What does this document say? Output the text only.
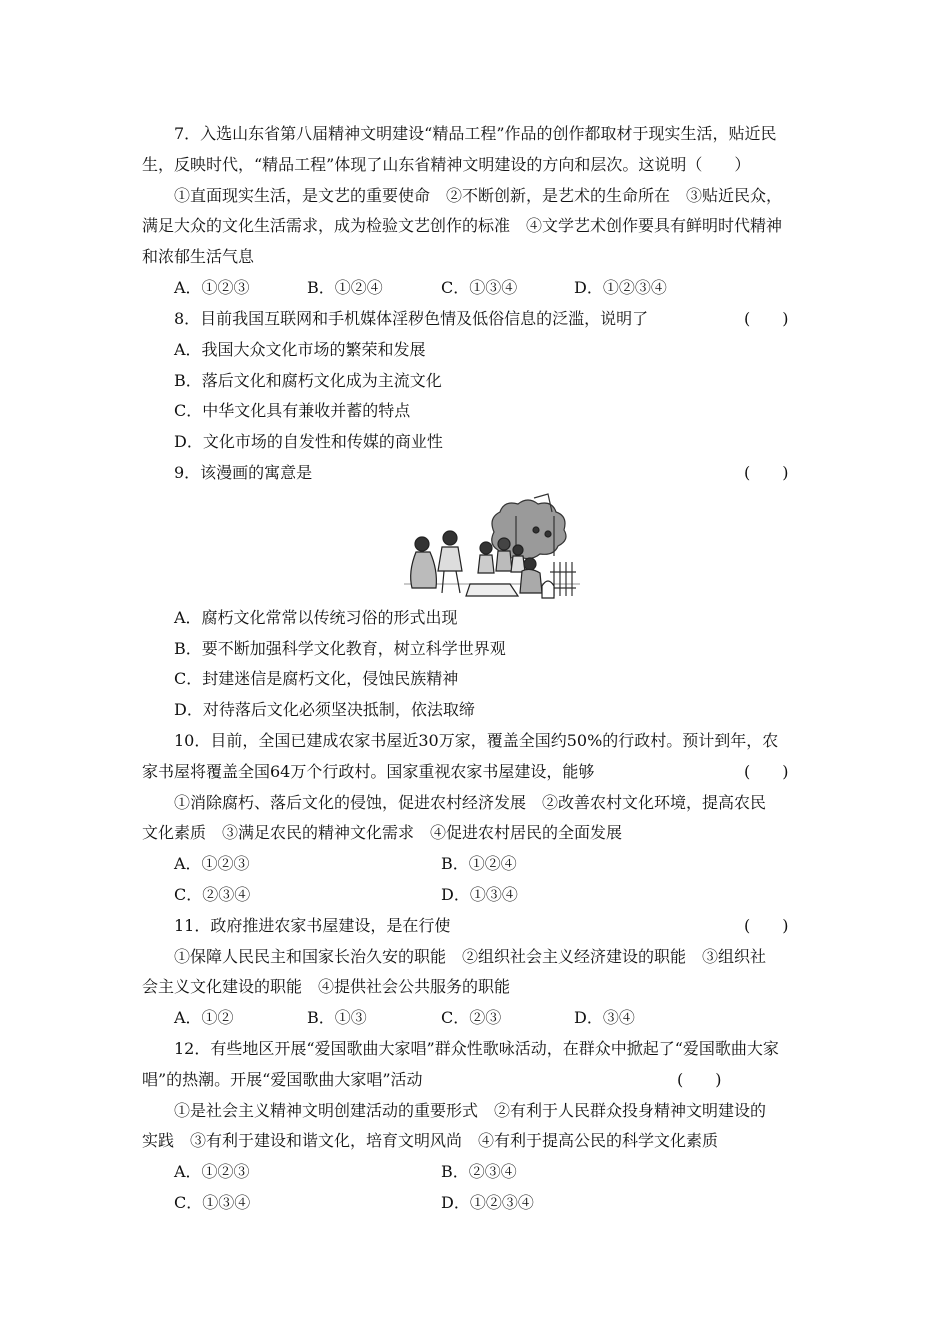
7．入选山东省第八届精神文明建设“精品工程”作品的创作都取材于现实生活，贴近民
生，反映时代，“精品工程”体现了山东省精神文明建设的方向和层次。这说明（　　）
①直面现实生活，是文艺的重要使命　②不断创新，是艺术的生命所在　③贴近民众，
满足大众的文化生活需求，成为检验文艺创作的标准　④文学艺术创作要具有鲜明时代精神
和浓郁生活气息
A．①②③	B．①②④	C．①③④	D．①②③④
8．目前我国互联网和手机媒体淫秽色情及低俗信息的泛滥，说明了	(　　)
A．我国大众文化市场的繁荣和发展
B．落后文化和腐朽文化成为主流文化
C．中华文化具有兼收并蓄的特点
D．文化市场的自发性和传媒的商业性
9．该漫画的寓意是	(　　)
A．腐朽文化常常以传统习俗的形式出现
B．要不断加强科学文化教育，树立科学世界观
C．封建迷信是腐朽文化，侵蚀民族精神
D．对待落后文化必须坚决抵制，依法取缔
10．目前，全国已建成农家书屋近30万家，覆盖全国约50%的行政村。预计到年，农
家书屋将覆盖全国64万个行政村。国家重视农家书屋建设，能够	(　　)
①消除腐朽、落后文化的侵蚀，促进农村经济发展　②改善农村文化环境，提高农民
文化素质　③满足农民的精神文化需求　④促进农村居民的全面发展
A．①②③	B．①②④
C．②③④	D．①③④
11．政府推进农家书屋建设，是在行使	(　　)
①保障人民民主和国家长治久安的职能　②组织社会主义经济建设的职能　③组织社
会主义文化建设的职能　④提供社会公共服务的职能
A．①②	B．①③	C．②③	D．③④
12．有些地区开展“爱国歌曲大家唱”群众性歌咏活动，在群众中掀起了“爱国歌曲大家
唱”的热潮。开展“爱国歌曲大家唱”活动	(　　)
①是社会主义精神文明创建活动的重要形式　②有利于人民群众投身精神文明建设的
实践　③有利于建设和谐文化，培育文明风尚　④有利于提高公民的科学文化素质
A．①②③	B．②③④
C．①③④	D．①②③④
